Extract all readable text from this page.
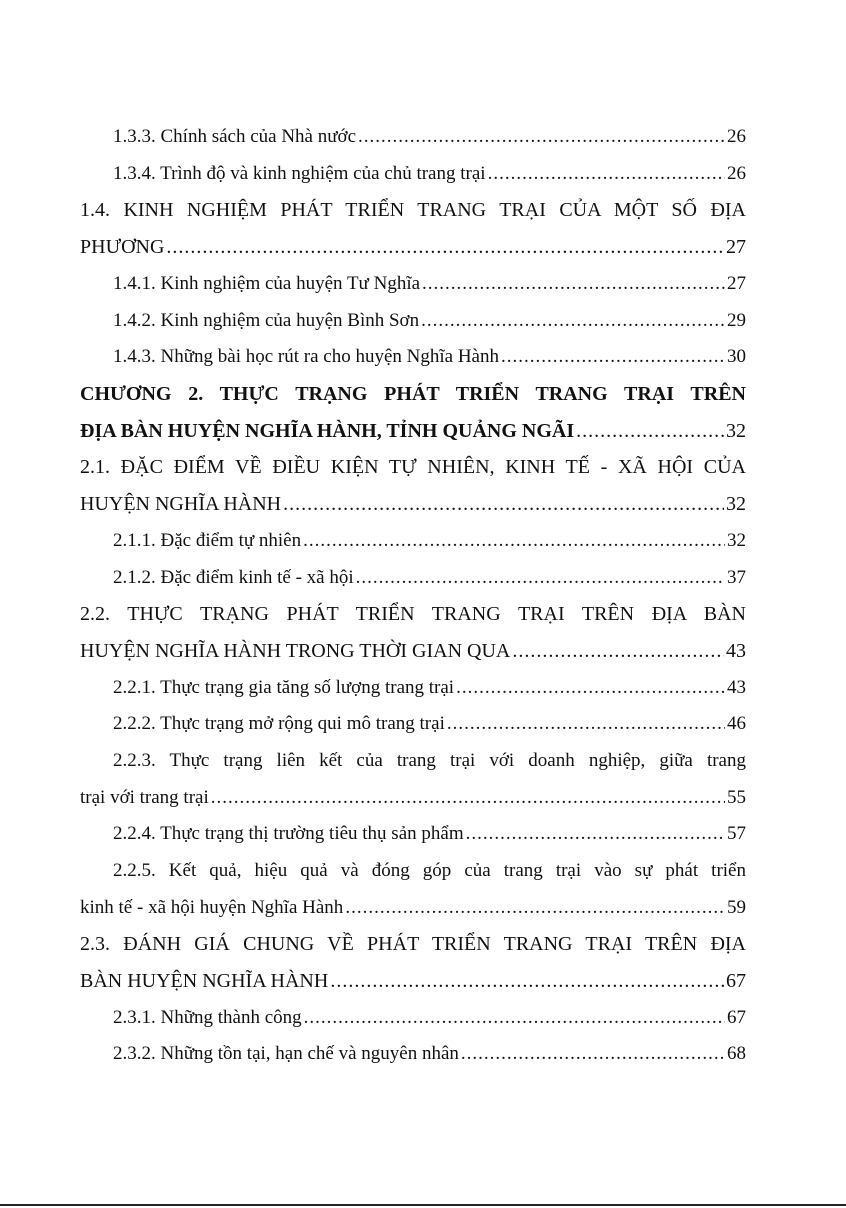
1.3.3. Chính sách của Nhà nước .....	26
1.3.4. Trình độ và kinh nghiệm của chủ trang trại .....	26
1.4. KINH NGHIỆM PHÁT TRIỂN TRANG TRẠI CỦA MỘT SỐ ĐỊA
PHƯƠNG .....	27
1.4.1. Kinh nghiệm của huyện Tư Nghĩa .....	27
1.4.2. Kinh nghiệm của huyện Bình Sơn .....	29
1.4.3. Những bài học rút ra cho huyện Nghĩa Hành .....	30
CHƯƠNG 2. THỰC TRẠNG PHÁT TRIỂN TRANG TRẠI TRÊN
ĐỊA BÀN HUYỆN NGHĨA HÀNH, TỈNH QUẢNG NGÃI .....	32
2.1. ĐẶC ĐIỂM VỀ ĐIỀU KIỆN TỰ NHIÊN, KINH TẾ - XÃ HỘI CỦA
HUYỆN NGHĨA HÀNH .....	32
2.1.1. Đặc điểm tự nhiên .....	32
2.1.2. Đặc điểm kinh tế - xã hội .....	37
2.2. THỰC TRẠNG PHÁT TRIỂN TRANG TRẠI TRÊN ĐỊA BÀN
HUYỆN NGHĨA HÀNH TRONG THỜI GIAN QUA .....	43
2.2.1. Thực trạng gia tăng số lượng trang trại .....	43
2.2.2. Thực trạng mở rộng qui mô trang trại .....	46
2.2.3. Thực trạng liên kết của trang trại với doanh nghiệp, giữa trang
trại với trang trại .....	55
2.2.4. Thực trạng thị trường tiêu thụ sản phẩm .....	57
2.2.5. Kết quả, hiệu quả và đóng góp của trang trại vào sự phát triển
kinh tế - xã hội huyện Nghĩa Hành .....	59
2.3. ĐÁNH GIÁ CHUNG VỀ PHÁT TRIỂN TRANG TRẠI TRÊN ĐỊA
BÀN HUYỆN NGHĨA HÀNH .....	67
2.3.1. Những thành công .....	67
2.3.2. Những tồn tại, hạn chế và nguyên nhân .....	68
